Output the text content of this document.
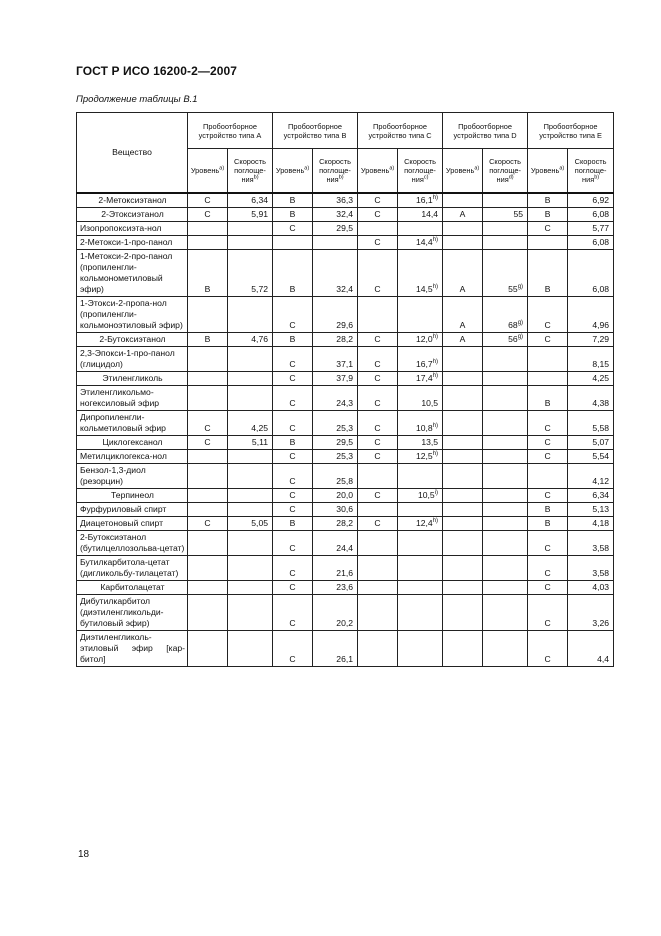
ГОСТ Р ИСО 16200-2—2007
Продолжение таблицы В.1
Вещество	Пробоотборное устройство типа А		Пробоотборное устройство типа В		Пробоотборное устройство типа С		Пробоотборное устройство типа D		Пробоотборное устройство типа Е	
	Уровень$^{а)}$	Скорость поглоще-ния$^{b)}$	Уровень$^{а)}$	Скорость поглоще-ния$^{b)}$	Уровень$^{а)}$	Скорость поглоще-ния$^{c)}$	Уровень$^{а)}$	Скорость поглоще-ния$^{d)}$	Уровень$^{а)}$	Скорость поглоще-ния$^{b)}$
2-Метоксиэтанол	C	6,34	B	36,3	C	16,1$^{h)}$			B	6,92
2-Этоксиэтанол	C	5,91	B	32,4	C	14,4	A	55	B	6,08
Изопропоксиэта-нол			C	29,5					C	5,77
2-Метокси-1-про-панол					C	14,4$^{h)}$				6,08
1-Метокси-2-про-панол (пропиленгли-кольмонометиловый эфир)	B	5,72	B	32,4	C	14,5$^{h)}$	A	55$^{g)}$	B	6,08
1-Этокси-2-пропа-нол (пропиленгли-кольмоноэтиловый эфир)			C	29,6			A	68$^{g)}$	C	4,96
2-Бутоксиэтанол	B	4,76	B	28,2	C	12,0$^{h)}$	A	56$^{g)}$	C	7,29
2,3-Эпокси-1-про-панол (глицидол)			C	37,1	C	16,7$^{h)}$				8,15
Этиленгликоль			C	37,9	C	17,4$^{h)}$				4,25
Этиленгликольмо-ногексиловый эфир			C	24,3	C	10,5			B	4,38
Дипропиленгли-кольметиловый эфир	C	4,25	C	25,3	C	10,8$^{h)}$			C	5,58
Циклогексанол	C	5,11	B	29,5	C	13,5			C	5,07
Метилциклогекса-нол			C	25,3	C	12,5$^{h)}$			C	5,54
Бензол-1,3-диол (резорцин)			C	25,8						4,12
Терпинеол			C	20,0	C	10,5$^{i)}$			C	6,34
Фурфуриловый спирт			C	30,6					B	5,13
Диацетоновый спирт	C	5,05	B	28,2	C	12,4$^{h)}$			B	4,18
2-Бутоксиэтанол (бутилцеллозольва-цетат)			C	24,4					C	3,58
Бутилкарбитола-цетат (дигликольбу-тилацетат)			C	21,6					C	3,58
Карбитолацетат			C	23,6					C	4,03
Дибутилкарбитол (диэтиленгликольди-бутиловый эфир)			C	20,2					C	3,26
Диэтиленгликоль-этиловый эфир [кар-битол]			C	26,1					C	4,4
18
